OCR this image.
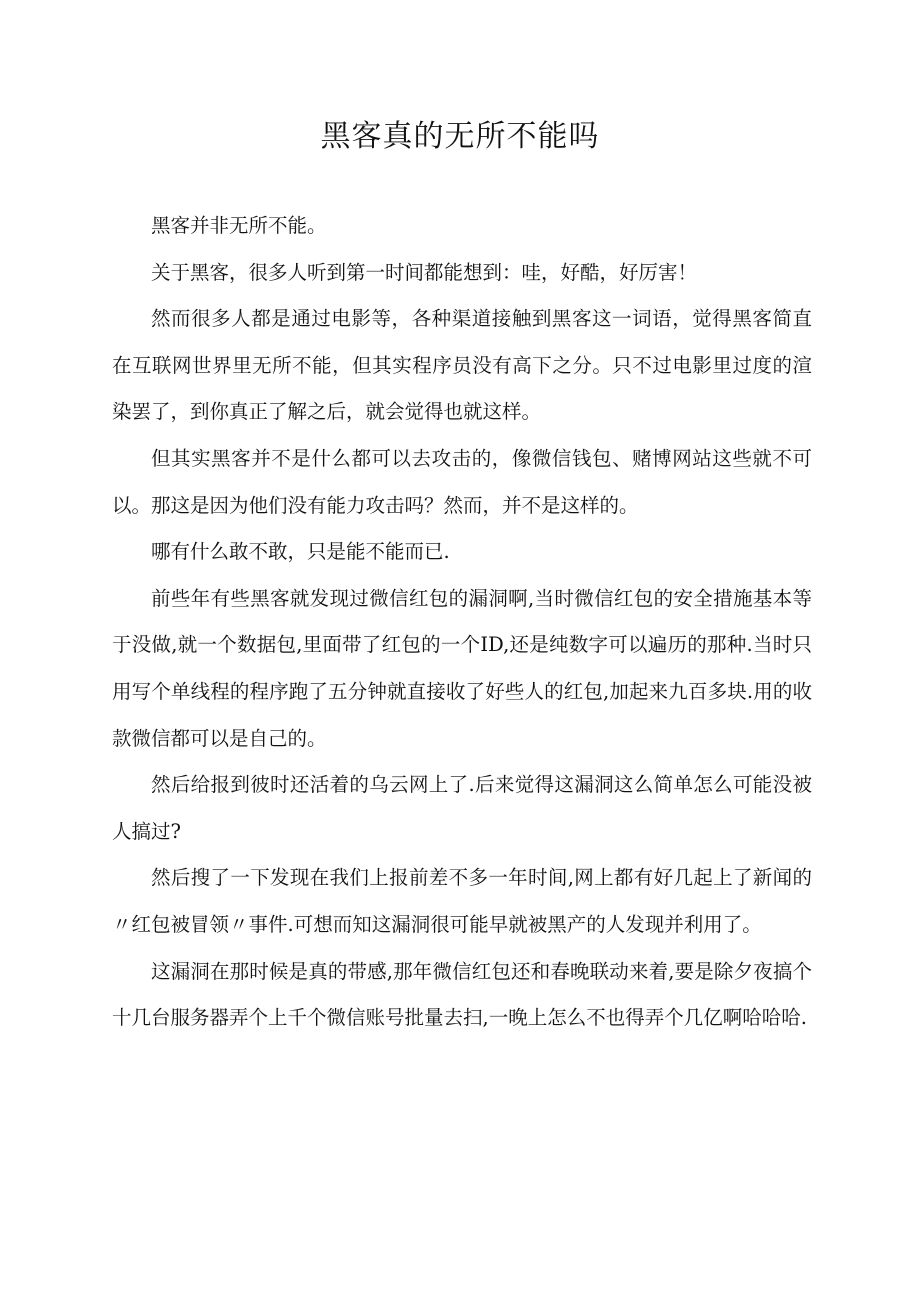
黑客真的无所不能吗

黑客并非无所不能。

关于黑客，很多人听到第一时间都能想到：哇，好酷，好厉害！

然而很多人都是通过电影等，各种渠道接触到黑客这一词语，觉得黑客简直在互联网世界里无所不能，但其实程序员没有高下之分。只不过电影里过度的渲染罢了，到你真正了解之后，就会觉得也就这样。

但其实黑客并不是什么都可以去攻击的，像微信钱包、赌博网站这些就不可以。那这是因为他们没有能力攻击吗？然而，并不是这样的。

哪有什么敢不敢，只是能不能而已.

前些年有些黑客就发现过微信红包的漏洞啊,当时微信红包的安全措施基本等于没做,就一个数据包,里面带了红包的一个ID,还是纯数字可以遍历的那种.当时只用写个单线程的程序跑了五分钟就直接收了好些人的红包,加起来九百多块.用的收款微信都可以是自己的。

然后给报到彼时还活着的乌云网上了.后来觉得这漏洞这么简单怎么可能没被人搞过?

然后搜了一下发现在我们上报前差不多一年时间,网上都有好几起上了新闻的〃红包被冒领〃事件.可想而知这漏洞很可能早就被黑产的人发现并利用了。

这漏洞在那时候是真的带感,那年微信红包还和春晚联动来着,要是除夕夜搞个十几台服务器弄个上千个微信账号批量去扫,一晚上怎么不也得弄个几亿啊哈哈哈.
